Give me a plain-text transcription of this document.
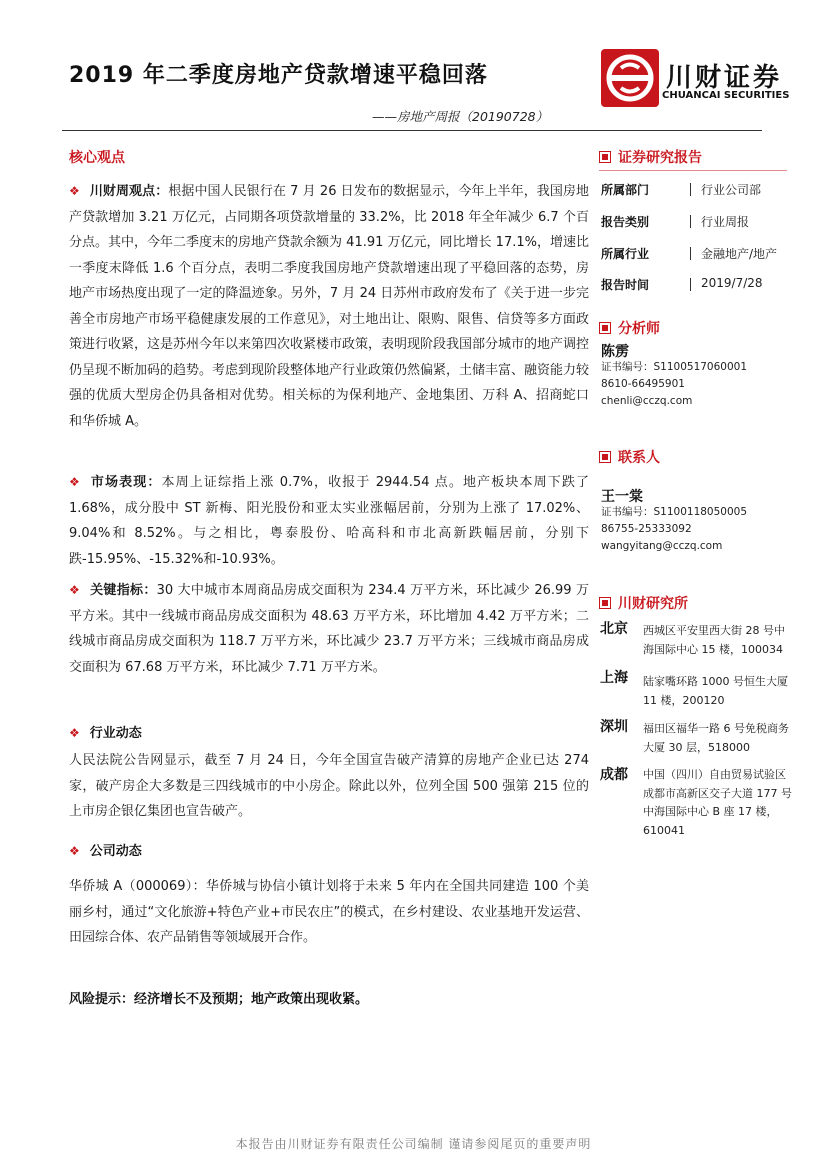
2019 年二季度房地产贷款增速平稳回落
——房地产周报（20190728）
川财证券
CHUANCAI SECURITIES
核心观点
❖ 川财周观点：根据中国人民银行在 7 月 26 日发布的数据显示，今年上半年，我国房地产贷款增加 3.21 万亿元，占同期各项贷款增量的 33.2%，比 2018 年全年减少 6.7 个百分点。其中，今年二季度末的房地产贷款余额为 41.91 万亿元，同比增长 17.1%，增速比一季度末降低 1.6 个百分点，表明二季度我国房地产贷款增速出现了平稳回落的态势，房地产市场热度出现了一定的降温迹象。另外，7 月 24 日苏州市政府发布了《关于进一步完善全市房地产市场平稳健康发展的工作意见》，对土地出让、限购、限售、信贷等多方面政策进行收紧，这是苏州今年以来第四次收紧楼市政策，表明现阶段我国部分城市的地产调控仍呈现不断加码的趋势。考虑到现阶段整体地产行业政策仍然偏紧，土储丰富、融资能力较强的优质大型房企仍具备相对优势。相关标的为保利地产、金地集团、万科 A、招商蛇口和华侨城 A。
❖ 市场表现：本周上证综指上涨 0.7%，收报于 2944.54 点。地产板块本周下跌了 1.68%，成分股中 ST 新梅、阳光股份和亚太实业涨幅居前，分别为上涨了 17.02%、9.04%和 8.52%。与之相比，粤泰股份、哈高科和市北高新跌幅居前，分别下跌-15.95%、-15.32%和-10.93%。
❖ 关键指标：30 大中城市本周商品房成交面积为 234.4 万平方米，环比减少 26.99 万平方米。其中一线城市商品房成交面积为 48.63 万平方米，环比增加 4.42 万平方米；二线城市商品房成交面积为 118.7 万平方米，环比减少 23.7 万平方米；三线城市商品房成交面积为 67.68 万平方米，环比减少 7.71 万平方米。
❖ 行业动态
人民法院公告网显示，截至 7 月 24 日，今年全国宣告破产清算的房地产企业已达 274 家，破产房企大多数是三四线城市的中小房企。除此以外，位列全国 500 强第 215 位的上市房企银亿集团也宣告破产。
❖ 公司动态
华侨城 A（000069）：华侨城与协信小镇计划将于未来 5 年内在全国共同建造 100 个美丽乡村，通过“文化旅游+特色产业+市民农庄”的模式，在乡村建设、农业基地开发运营、田园综合体、农产品销售等领域展开合作。
风险提示：经济增长不及预期；地产政策出现收紧。
证券研究报告
所属部门	行业公司部
报告类别	行业周报
所属行业	金融地产/地产
报告时间	2019/7/28
分析师
陈雳
证书编号：S1100517060001
8610-66495901
chenli@cczq.com
联系人
王一棠
证书编号：S1100118050005
86755-25333092
wangyitang@cczq.com
川财研究所
北京 西城区平安里西大街 28 号中海国际中心 15 楼，100034
上海 陆家嘴环路 1000 号恒生大厦 11 楼，200120
深圳 福田区福华一路 6 号免税商务大厦 30 层，518000
成都 中国（四川）自由贸易试验区成都市高新区交子大道 177 号中海国际中心 B 座 17 楼，610041
本报告由川财证券有限责任公司编制 谨请参阅尾页的重要声明
